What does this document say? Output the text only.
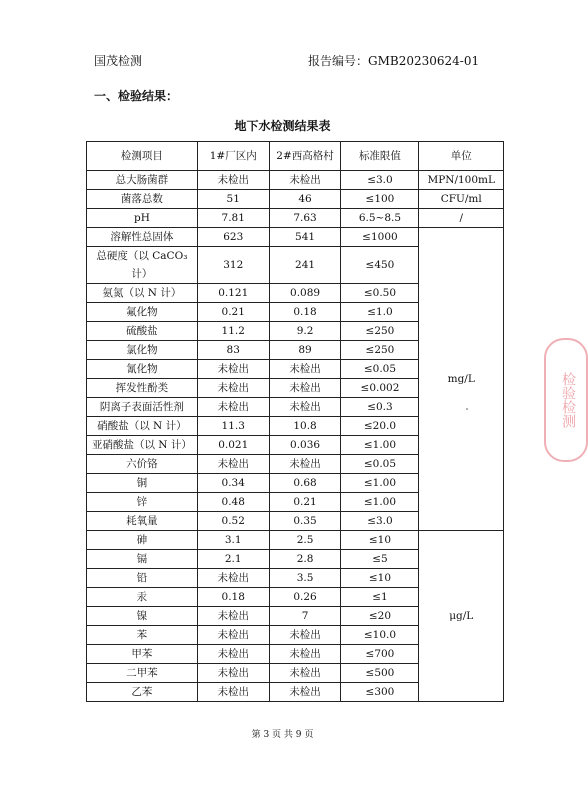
国茂检测	报告编号：GMB20230624-01
一、检验结果：
地下水检测结果表
检测项目	1#厂区内	2#西高格村	标准限值	单位
总大肠菌群	未检出	未检出	≤3.0	MPN/100mL
菌落总数	51	46	≤100	CFU/ml
pH	7.81	7.63	6.5~8.5	/
溶解性总固体	623	541	≤1000	mg/L
总硬度（以 CaCO₃ 计）	312	241	≤450	
氨氮（以 N 计）	0.121	0.089	≤0.50	
氟化物	0.21	0.18	≤1.0	
硫酸盐	11.2	9.2	≤250	
氯化物	83	89	≤250	
氰化物	未检出	未检出	≤0.05	
挥发性酚类	未检出	未检出	≤0.002	
阴离子表面活性剂	未检出	未检出	≤0.3	
硝酸盐（以 N 计）	11.3	10.8	≤20.0	
亚硝酸盐（以 N 计）	0.021	0.036	≤1.00	
六价铬	未检出	未检出	≤0.05	
铜	0.34	0.68	≤1.00	
锌	0.48	0.21	≤1.00	
耗氧量	0.52	0.35	≤3.0	
砷	3.1	2.5	≤10	μg/L
镉	2.1	2.8	≤5	
铅	未检出	3.5	≤10	
汞	0.18	0.26	≤1	
镍	未检出	7	≤20	
苯	未检出	未检出	≤10.0	
甲苯	未检出	未检出	≤700	
二甲苯	未检出	未检出	≤500	
乙苯	未检出	未检出	≤300	
检验检测
第 3 页 共 9 页
